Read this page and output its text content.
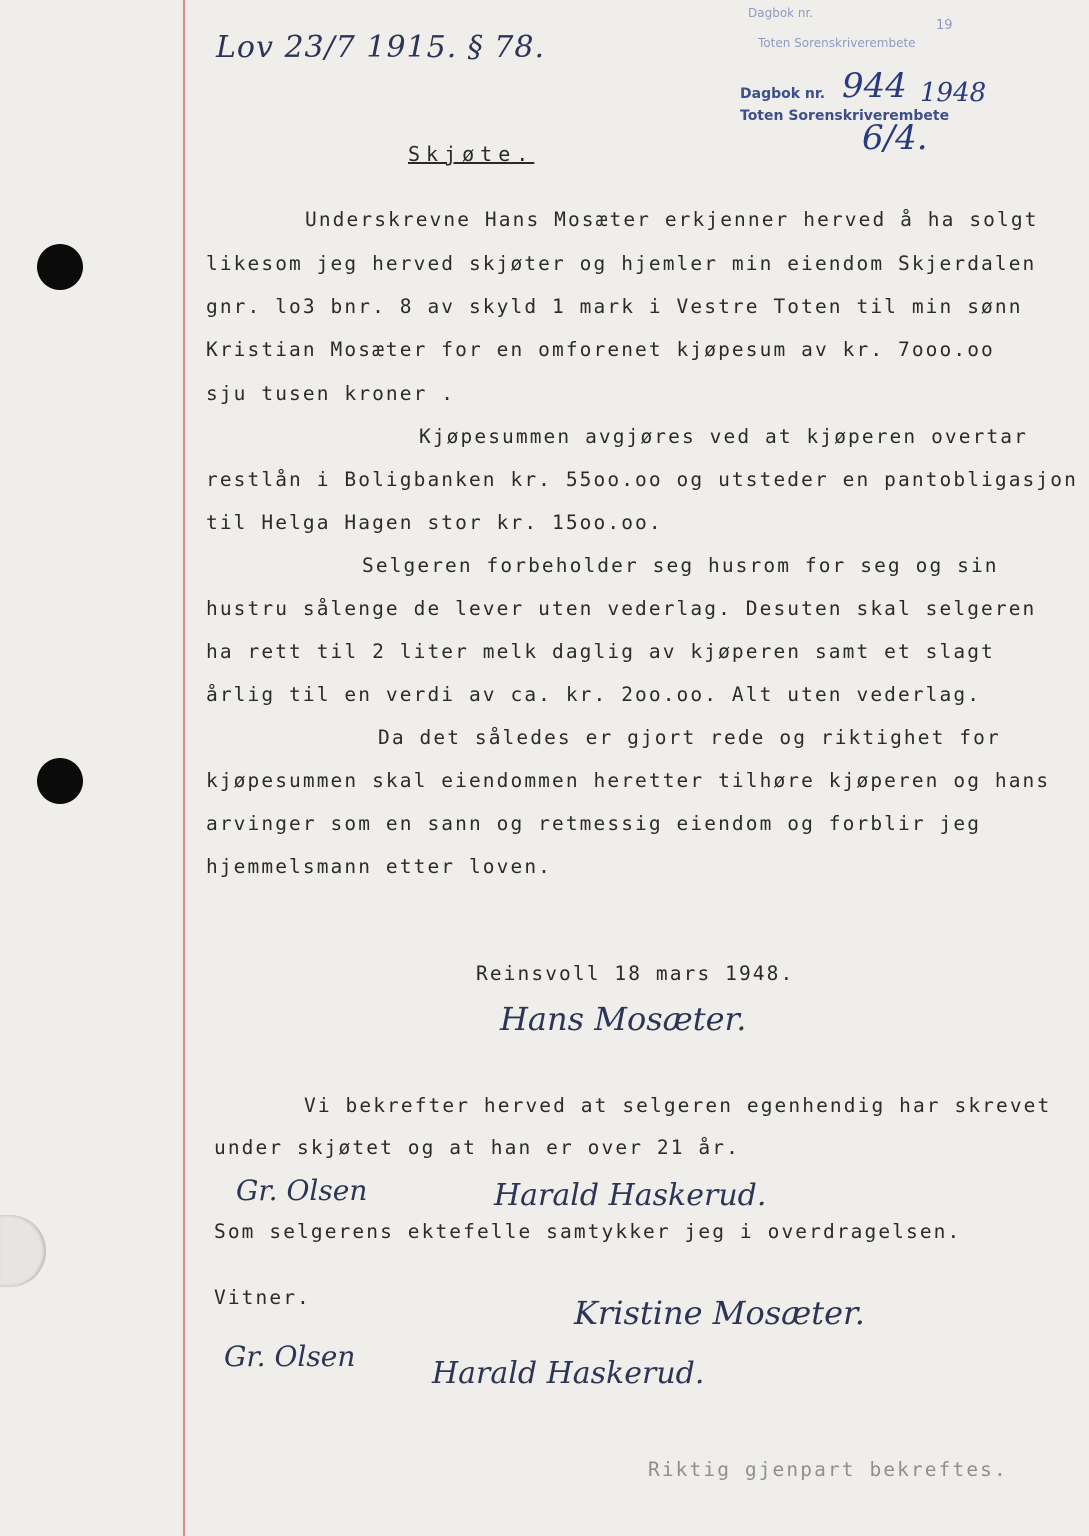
Lov 23/7 1915. § 78.
Dagbok nr.
19
Toten Sorenskriverembete
Dagbok nr. 944 1948
Toten Sorenskriverembete
6/4.
Skjøte.
Underskrevne Hans Mosæter erkjenner herved å ha solgt
likesom jeg herved skjøter og hjemler min eiendom Skjerdalen
gnr. lo3 bnr. 8 av skyld 1 mark i Vestre Toten til min sønn
Kristian Mosæter for en omforenet kjøpesum av kr. 7ooo.oo
sju tusen kroner .
Kjøpesummen avgjøres ved at kjøperen overtar
restlån i Boligbanken kr. 55oo.oo og utsteder en pantobligasjon
til Helga Hagen stor kr. 15oo.oo.
Selgeren forbeholder seg husrom for seg og sin
hustru sålenge de lever uten vederlag. Desuten skal selgeren
ha rett til 2 liter melk daglig av kjøperen samt et slagt
årlig til en verdi av ca. kr. 2oo.oo. Alt uten vederlag.
Da det således er gjort rede og riktighet for
kjøpesummen skal eiendommen heretter tilhøre kjøperen og hans
arvinger som en sann og retmessig eiendom og forblir jeg
hjemmelsmann etter loven.
Reinsvoll 18 mars 1948.
Hans Mosæter.
Vi bekrefter herved at selgeren egenhendig har skrevet
under skjøtet og at han er over 21 år.
Gr. Olsen	Harald Haskerud.
Som selgerens ektefelle samtykker jeg i overdragelsen.
Vitner.	Kristine Mosæter.
Gr. Olsen	Harald Haskerud.
Riktig gjenpart bekreftes.
